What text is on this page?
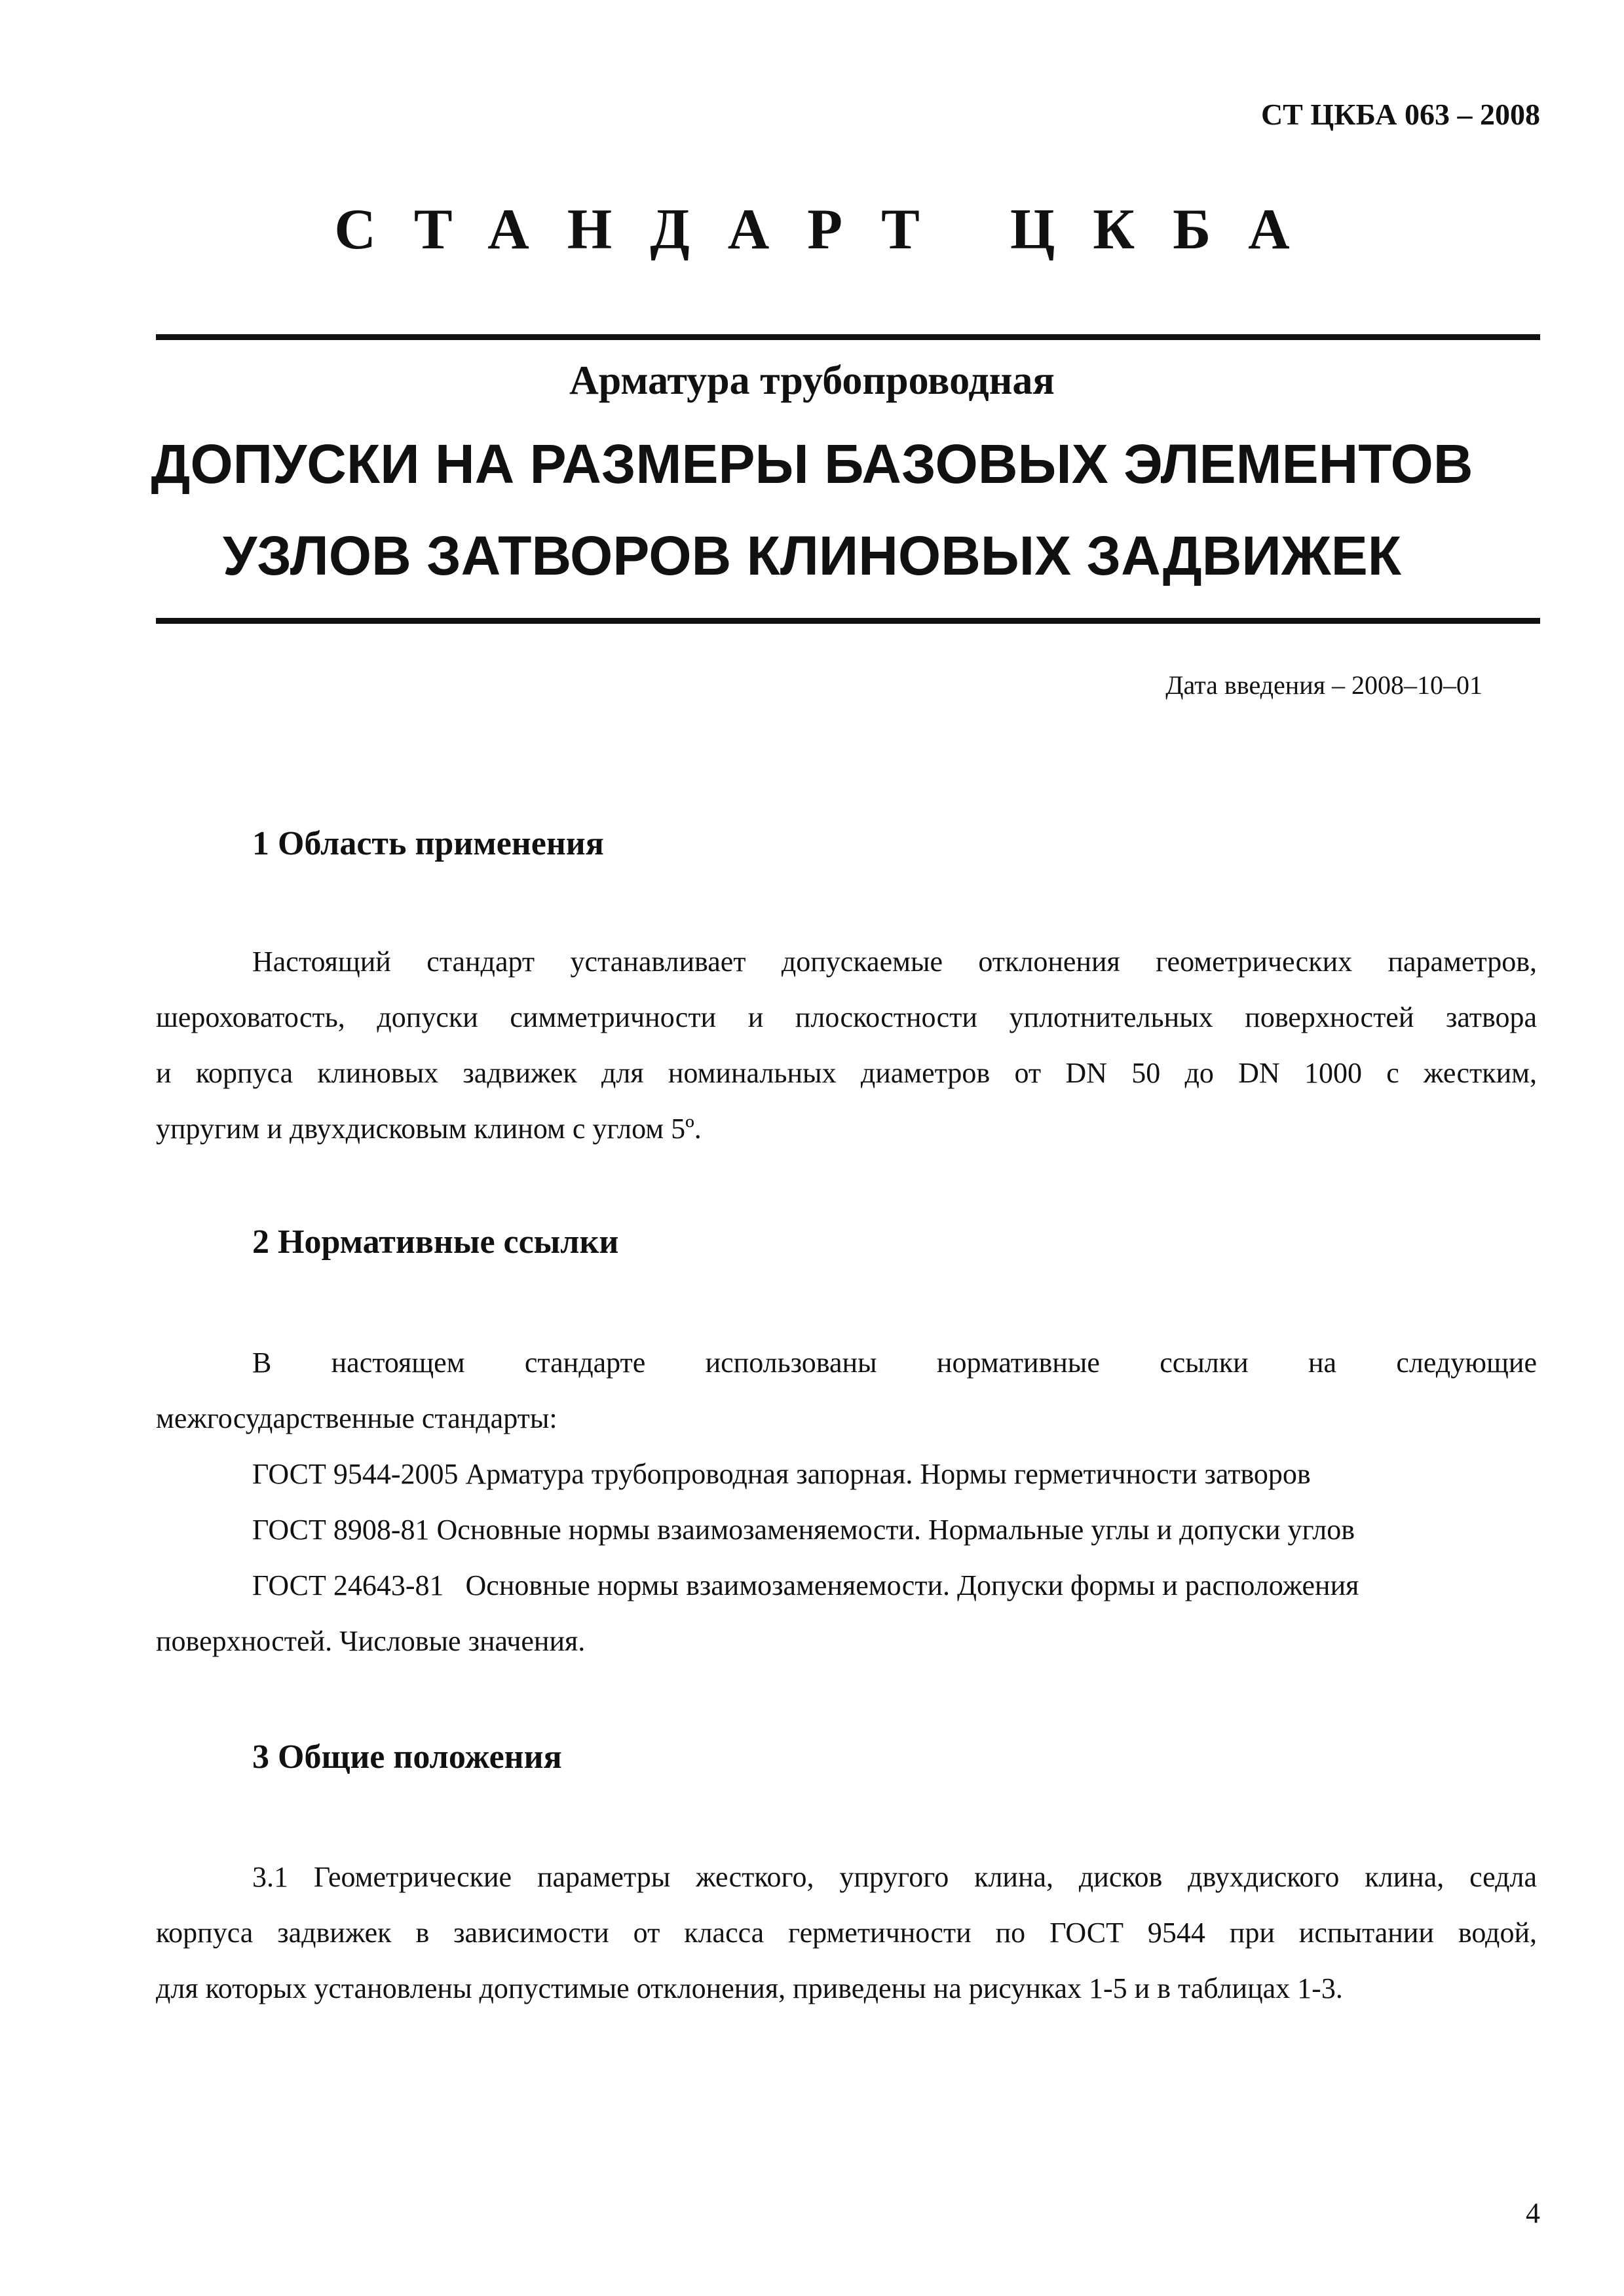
СТ ЦКБА 063 – 2008
СТАНДАРТ ЦКБА
Арматура трубопроводная
ДОПУСКИ НА РАЗМЕРЫ БАЗОВЫХ ЭЛЕМЕНТОВ
УЗЛОВ ЗАТВОРОВ КЛИНОВЫХ ЗАДВИЖЕК
Дата введения – 2008–10–01
1 Область применения
Настоящий стандарт устанавливает допускаемые отклонения геометрических параметров,
шероховатость, допуски симметричности и плоскостности уплотнительных поверхностей затвора
и корпуса клиновых задвижек для номинальных диаметров от DN 50 до DN 1000 с жестким,
упругим и двухдисковым клином с углом 5º.
2 Нормативные ссылки
В настоящем стандарте использованы нормативные ссылки на следующие
межгосударственные стандарты:
ГОСТ 9544-2005 Арматура трубопроводная запорная. Нормы герметичности затворов
ГОСТ 8908-81 Основные нормы взаимозаменяемости. Нормальные углы и допуски углов
ГОСТ 24643-81   Основные нормы взаимозаменяемости. Допуски формы и расположения
поверхностей. Числовые значения.
3 Общие положения
3.1 Геометрические параметры жесткого, упругого клина, дисков двухдиского клина, седла
корпуса задвижек в зависимости от класса герметичности по ГОСТ 9544 при испытании водой,
для которых установлены допустимые отклонения, приведены на рисунках 1-5 и в таблицах 1-3.
4
